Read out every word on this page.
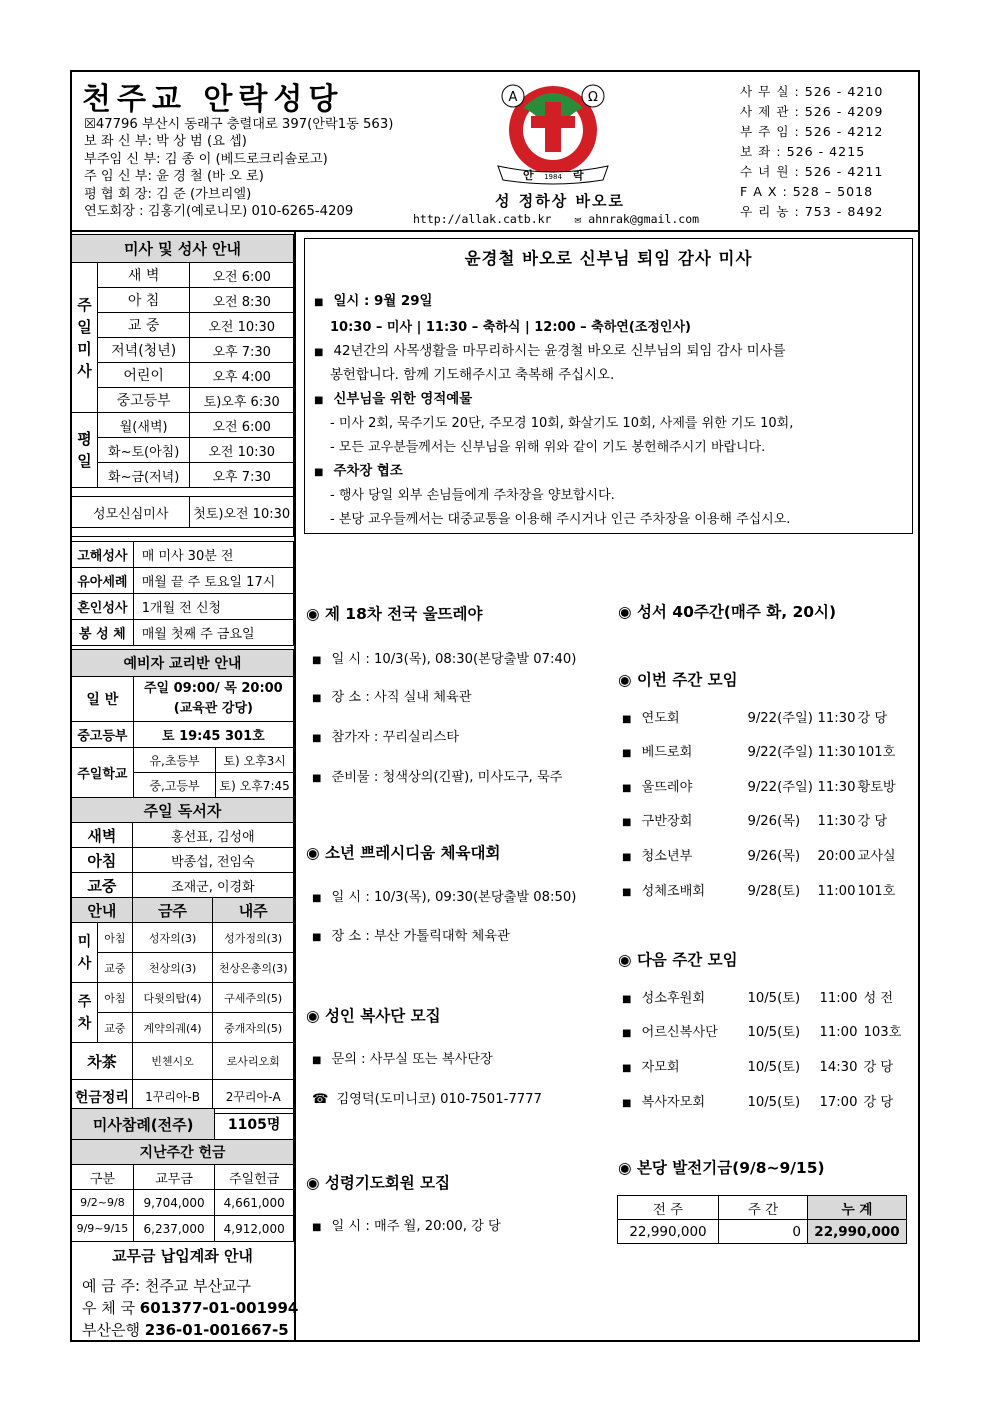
천주교 안락성당
☒47796 부산시 동래구 충렬대로 397(안락1동 563)
보 좌 신 부: 박 상 범 (요 셉)
부주임 신 부: 김 종 이 (베드로크리솔로고)
주 임 신 부: 윤 경 철 (바 오 로)
평 협 회 장: 김 준 (가브리엘)
연도회장 : 김홍기(예로니모) 010-6265-4209
A	Ω
안	락
1984
성 정하상 바오로
http://allak.catb.kr ✉ ahnrak@gmail.com
사 무 실 : 526 - 4210
사 제 관 : 526 - 4209
부 주 임 : 526 - 4212
보 좌 : 526 - 4215
수 녀 원 : 526 - 4211
F A X : 528 – 5018
우 리 농 : 753 - 8492
미사 및 성사 안내		

주
일
미
사	새 벽	오전 6:00
	아 침	오전 8:30
	교 중	오전 10:30
	저녁(청년)	오후 7:30
	어린이	오후 4:00
	중고등부	토)오후 6:30

평
일	월(새벽)	오전 6:00
	화~토(아침)	오전 10:30
	화~금(저녁)	오후 7:30

성모신심미사		첫토)오전 10:30

고해성사	매 미사 30분 전
유아세례	매월 끝 주 토요일 17시
혼인성사	1개월 전 신청
봉 성 체	매월 첫째 주 금요일
예비자 교리반 안내		
일 반	주일 09:00/ 목 20:00 (교육관 강당)	
중고등부	토 19:45 301호	
주일학교	유,초등부	토) 오후3시
	중,고등부	토) 오후7:45
주일 독서자			
새벽		홍선표, 김성애	
아침		박종섭, 전임숙	
교중		조재군, 이경화	
안내		금주	내주

미
사	아침	성자의(3)	성가정의(3)
	교중	천상의(3)	천상은총의(3)

주
차	아침	다윗의탑(4)	구세주의(5)
	교중	계약의궤(4)	중개자의(5)
차茶		빈첸시오	로사리오회
헌금정리		1꾸리아-B	2꾸리아-A
미사참례(전주)		1105명
지난주간 헌금		
구분	교무금	주일헌금
9/2~9/8	9,704,000	4,661,000
9/9~9/15	6,237,000	4,912,000
교무금 납입계좌 안내
예 금 주: 천주교 부산교구
우 체 국 601377-01-001994
부산은행 236-01-001667-5
윤경철 바오로 신부님 퇴임 감사 미사
■ 일시 : 9월 29일
10:30 – 미사 | 11:30 – 축하식 | 12:00 – 축하연(조정인사)
■ 42년간의 사목생활을 마무리하시는 윤경철 바오로 신부님의 퇴임 감사 미사를
봉헌합니다. 함께 기도해주시고 축복해 주십시오.
■ 신부님을 위한 영적예물
- 미사 2회, 묵주기도 20단, 주모경 10회, 화살기도 10회, 사제를 위한 기도 10회,
- 모든 교우분들께서는 신부님을 위해 위와 같이 기도 봉헌해주시기 바랍니다.
■ 주차장 협조
- 행사 당일 외부 손님들에게 주차장을 양보합시다.
- 본당 교우들께서는 대중교통을 이용해 주시거나 인근 주차장을 이용해 주십시오.
◉ 제 18차 전국 울뜨레야
■ 일 시 : 10/3(목), 08:30(본당출발 07:40)
■ 장 소 : 사직 실내 체육관
■ 참가자 : 꾸리실리스타
■ 준비물 : 청색상의(긴팔), 미사도구, 묵주
◉ 소년 쁘레시디움 체육대회
■ 일 시 : 10/3(목), 09:30(본당출발 08:50)
■ 장 소 : 부산 가톨릭대학 체육관
◉ 성인 복사단 모집
■ 문의 : 사무실 또는 복사단장
☎ 김영덕(도미니코) 010-7501-7777
◉ 성령기도회원 모집
■ 일 시 : 매주 월, 20:00, 강 당
◉ 성서 40주간(매주 화, 20시)
◉ 이번 주간 모임
■ 연도회	9/22(주일) 11:30 강 당
■ 베드로회	9/22(주일) 11:30 101호
■ 울뜨레야	9/22(주일) 11:30 황토방
■ 구반장회	9/26(목) 11:30 강 당
■ 청소년부	9/26(목) 20:00 교사실
■ 성체조배회	9/28(토) 11:00 101호
◉ 다음 주간 모임
■ 성소후원회	10/5(토) 11:00 성 전
■ 어르신복사단 10/5(토) 11:00 103호
■ 자모회	10/5(토) 14:30 강 당
■ 복사자모회	10/5(토) 17:00 강 당
◉ 본당 발전기금(9/8~9/15)
전 주	주 간	누 계
22,990,000	0	22,990,000
